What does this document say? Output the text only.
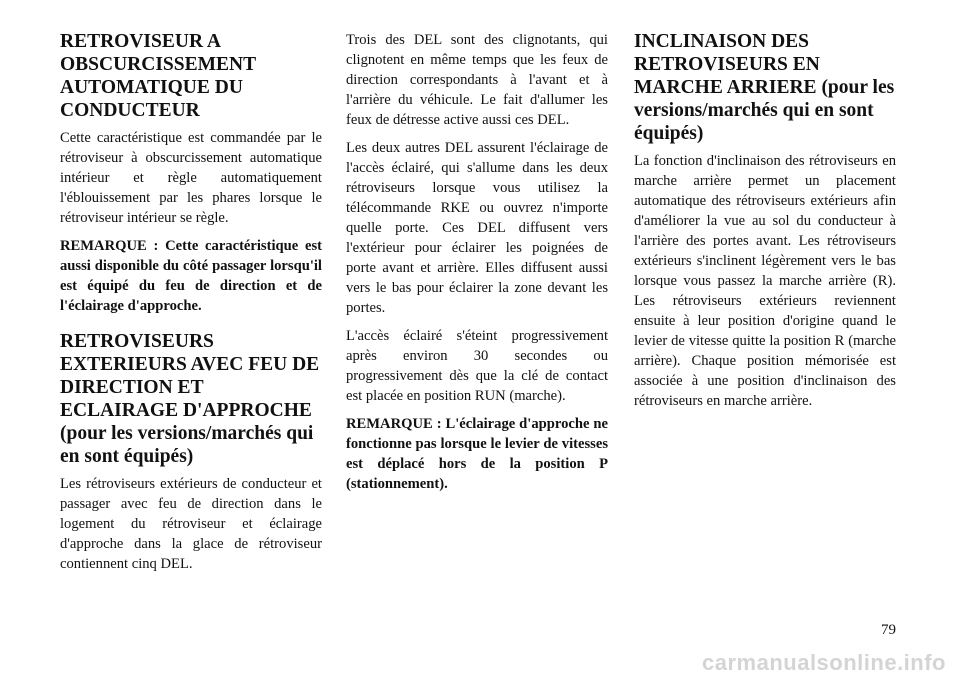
RETROVISEUR A OBSCURCISSEMENT AUTOMATIQUE DU CONDUCTEUR

Cette caractéristique est commandée par le rétroviseur à obscurcissement automatique intérieur et règle automatiquement l'éblouissement par les phares lorsque le rétroviseur intérieur se règle.

REMARQUE : Cette caractéristique est aussi disponible du côté passager lorsqu'il est équipé du feu de direction et de l'éclairage d'approche.

RETROVISEURS EXTERIEURS AVEC FEU DE DIRECTION ET ECLAIRAGE D'APPROCHE (pour les versions/marchés qui en sont équipés)

Les rétroviseurs extérieurs de conducteur et passager avec feu de direction dans le logement du rétroviseur et éclairage d'approche dans la glace de rétroviseur contiennent cinq DEL.

Trois des DEL sont des clignotants, qui clignotent en même temps que les feux de direction correspondants à l'avant et à l'arrière du véhicule. Le fait d'allumer les feux de détresse active aussi ces DEL.

Les deux autres DEL assurent l'éclairage de l'accès éclairé, qui s'allume dans les deux rétroviseurs lorsque vous utilisez la télécommande RKE ou ouvrez n'importe quelle porte. Ces DEL diffusent vers l'extérieur pour éclairer les poignées de porte avant et arrière. Elles diffusent aussi vers le bas pour éclairer la zone devant les portes.

L'accès éclairé s'éteint progressivement après environ 30 secondes ou progressivement dès que la clé de contact est placée en position RUN (marche).

REMARQUE : L'éclairage d'approche ne fonctionne pas lorsque le levier de vitesses est déplacé hors de la position P (stationnement).

INCLINAISON DES RETROVISEURS EN MARCHE ARRIERE (pour les versions/marchés qui en sont équipés)

La fonction d'inclinaison des rétroviseurs en marche arrière permet un placement automatique des rétroviseurs extérieurs afin d'améliorer la vue au sol du conducteur à l'arrière des portes avant. Les rétroviseurs extérieurs s'inclinent légèrement vers le bas lorsque vous passez la marche arrière (R). Les rétroviseurs extérieurs reviennent ensuite à leur position d'origine quand le levier de vitesse quitte la position R (marche arrière). Chaque position mémorisée est associée à une position d'inclinaison des rétroviseurs en marche arrière.

79
carmanualsonline.info
